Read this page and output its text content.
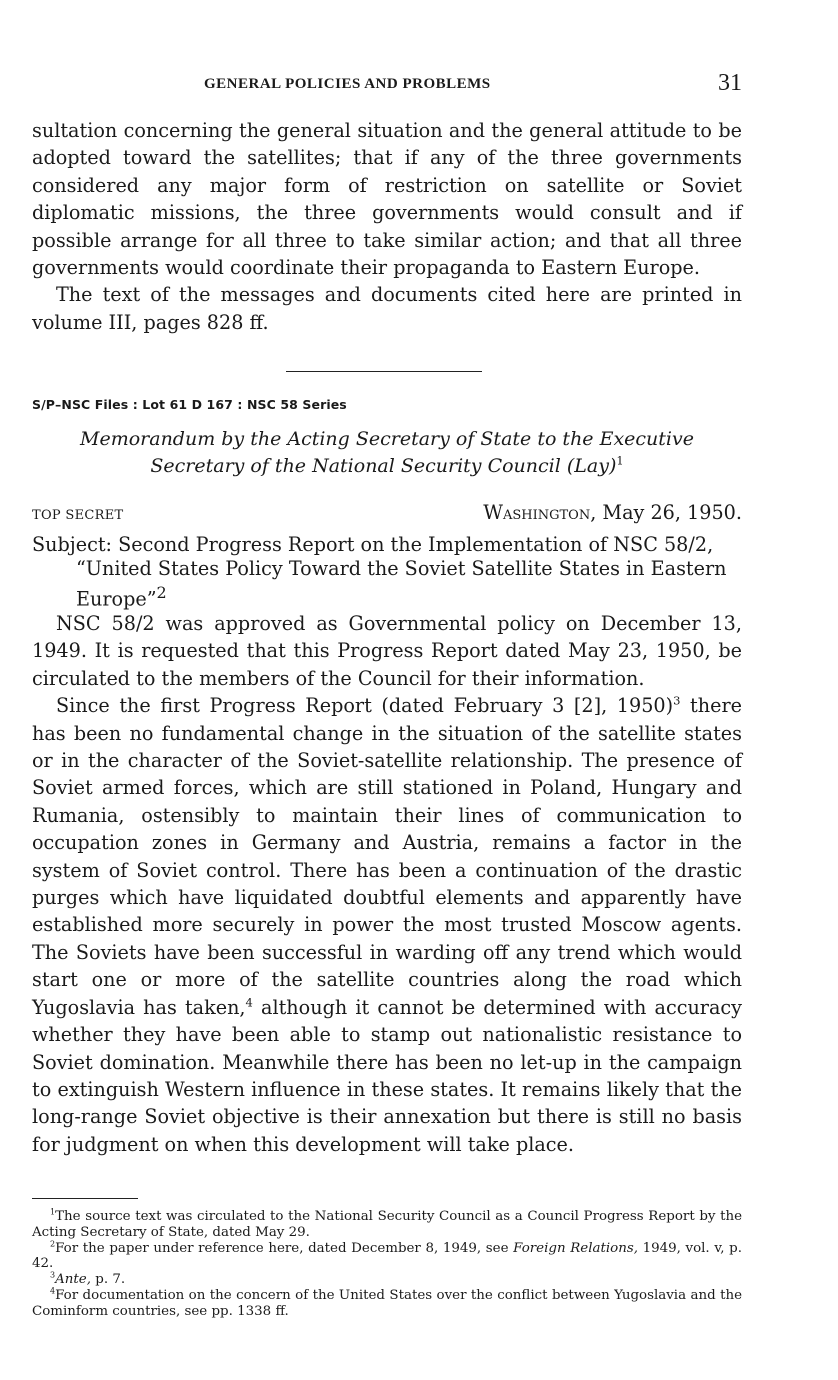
GENERAL POLICIES AND PROBLEMS	31

sultation concerning the general situation and the general attitude to be adopted toward the satellites; that if any of the three governments considered any major form of restriction on satellite or Soviet diplomatic missions, the three governments would consult and if possible arrange for all three to take similar action; and that all three governments would coordinate their propaganda to Eastern Europe.

The text of the messages and documents cited here are printed in volume III, pages 828 ff.

S/P–NSC Files : Lot 61 D 167 : NSC 58 Series
Memorandum by the Acting Secretary of State to the Executive
Secretary of the National Security Council (Lay)$^1$
TOP SECRET	Washington, May 26, 1950.
Subject: Second Progress Report on the Implementation of NSC 58/2, “United States Policy Toward the Soviet Satellite States in Eastern Europe”$^2$

NSC 58/2 was approved as Governmental policy on December 13, 1949. It is requested that this Progress Report dated May 23, 1950, be circulated to the members of the Council for their information.

Since the first Progress Report (dated February 3 [2], 1950)$^3$ there has been no fundamental change in the situation of the satellite states or in the character of the Soviet-satellite relationship. The presence of Soviet armed forces, which are still stationed in Poland, Hungary and Rumania, ostensibly to maintain their lines of communication to occupation zones in Germany and Austria, remains a factor in the system of Soviet control. There has been a continuation of the drastic purges which have liquidated doubtful elements and apparently have established more securely in power the most trusted Moscow agents. The Soviets have been successful in warding off any trend which would start one or more of the satellite countries along the road which Yugoslavia has taken,$^4$ although it cannot be determined with accuracy whether they have been able to stamp out nationalistic resistance to Soviet domination. Meanwhile there has been no let-up in the campaign to extinguish Western influence in these states. It remains likely that the long-range Soviet objective is their annexation but there is still no basis for judgment on when this development will take place.

$^1$The source text was circulated to the National Security Council as a Council Progress Report by the Acting Secretary of State, dated May 29.

$^2$For the paper under reference here, dated December 8, 1949, see Foreign Relations, 1949, vol. v, p. 42.

$^3$Ante, p. 7.

$^4$For documentation on the concern of the United States over the conflict between Yugoslavia and the Cominform countries, see pp. 1338 ff.
